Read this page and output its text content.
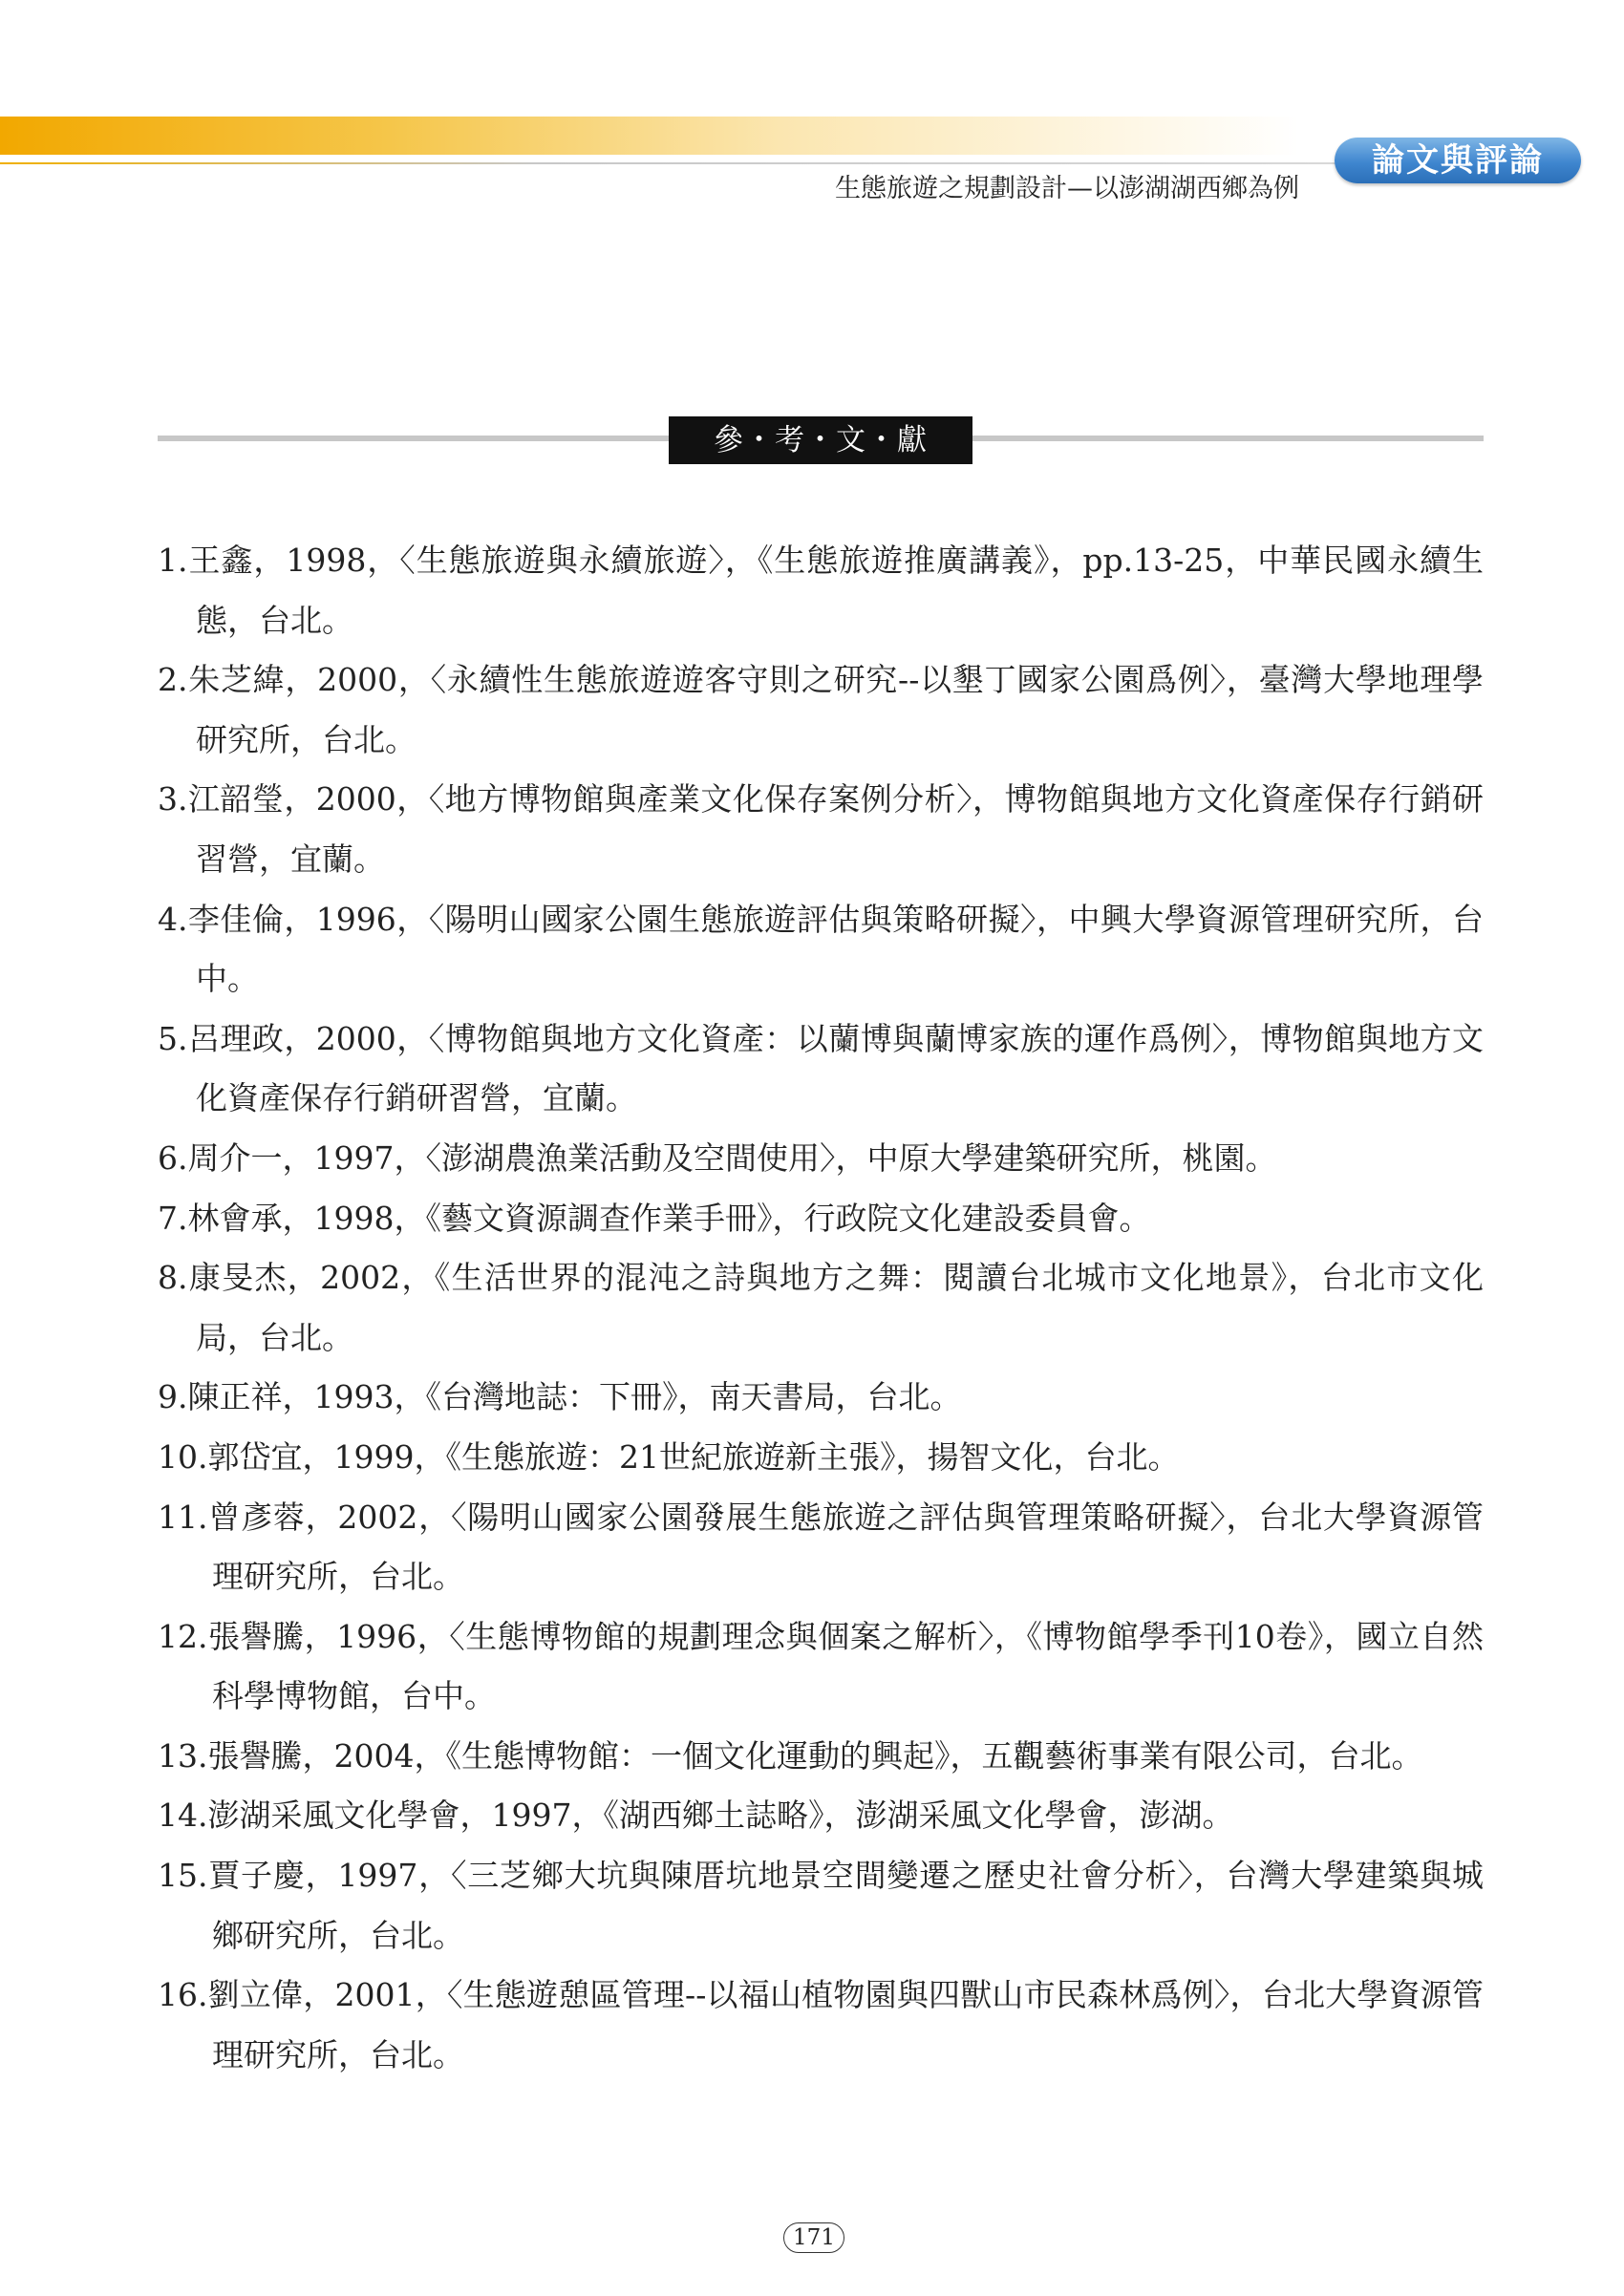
論文與評論
生態旅遊之規劃設計—以澎湖湖西鄉為例
參・考・文・獻
1.王鑫，1998，〈生態旅遊與永續旅遊〉，《生態旅遊推廣講義》，pp.13-25，中華民國永續生態，台北。
2.朱芝緯，2000，〈永續性生態旅遊遊客守則之研究--以墾丁國家公園爲例〉，臺灣大學地理學研究所，台北。
3.江韶瑩，2000，〈地方博物館與產業文化保存案例分析〉，博物館與地方文化資產保存行銷研習營，宜蘭。
4.李佳倫，1996，〈陽明山國家公園生態旅遊評估與策略研擬〉，中興大學資源管理研究所，台中。
5.呂理政，2000，〈博物館與地方文化資產：以蘭博與蘭博家族的運作爲例〉，博物館與地方文化資產保存行銷研習營，宜蘭。
6.周介一，1997，〈澎湖農漁業活動及空間使用〉，中原大學建築研究所，桃園。
7.林會承，1998，《藝文資源調查作業手冊》，行政院文化建設委員會。
8.康旻杰，2002，《生活世界的混沌之詩與地方之舞：閱讀台北城市文化地景》，台北市文化局，台北。
9.陳正祥，1993，《台灣地誌：下冊》，南天書局，台北。
10.郭岱宜，1999，《生態旅遊：21世紀旅遊新主張》，揚智文化，台北。
11.曾彥蓉，2002，〈陽明山國家公園發展生態旅遊之評估與管理策略研擬〉，台北大學資源管理研究所，台北。
12.張譽騰，1996，〈生態博物館的規劃理念與個案之解析〉，《博物館學季刊10卷》，國立自然科學博物館，台中。
13.張譽騰，2004，《生態博物館：一個文化運動的興起》，五觀藝術事業有限公司，台北。
14.澎湖采風文化學會，1997，《湖西鄉土誌略》，澎湖采風文化學會，澎湖。
15.賈子慶，1997，〈三芝鄉大坑與陳厝坑地景空間變遷之歷史社會分析〉，台灣大學建築與城鄉研究所，台北。
16.劉立偉，2001，〈生態遊憩區管理--以福山植物園與四獸山市民森林爲例〉，台北大學資源管理研究所，台北。
171
